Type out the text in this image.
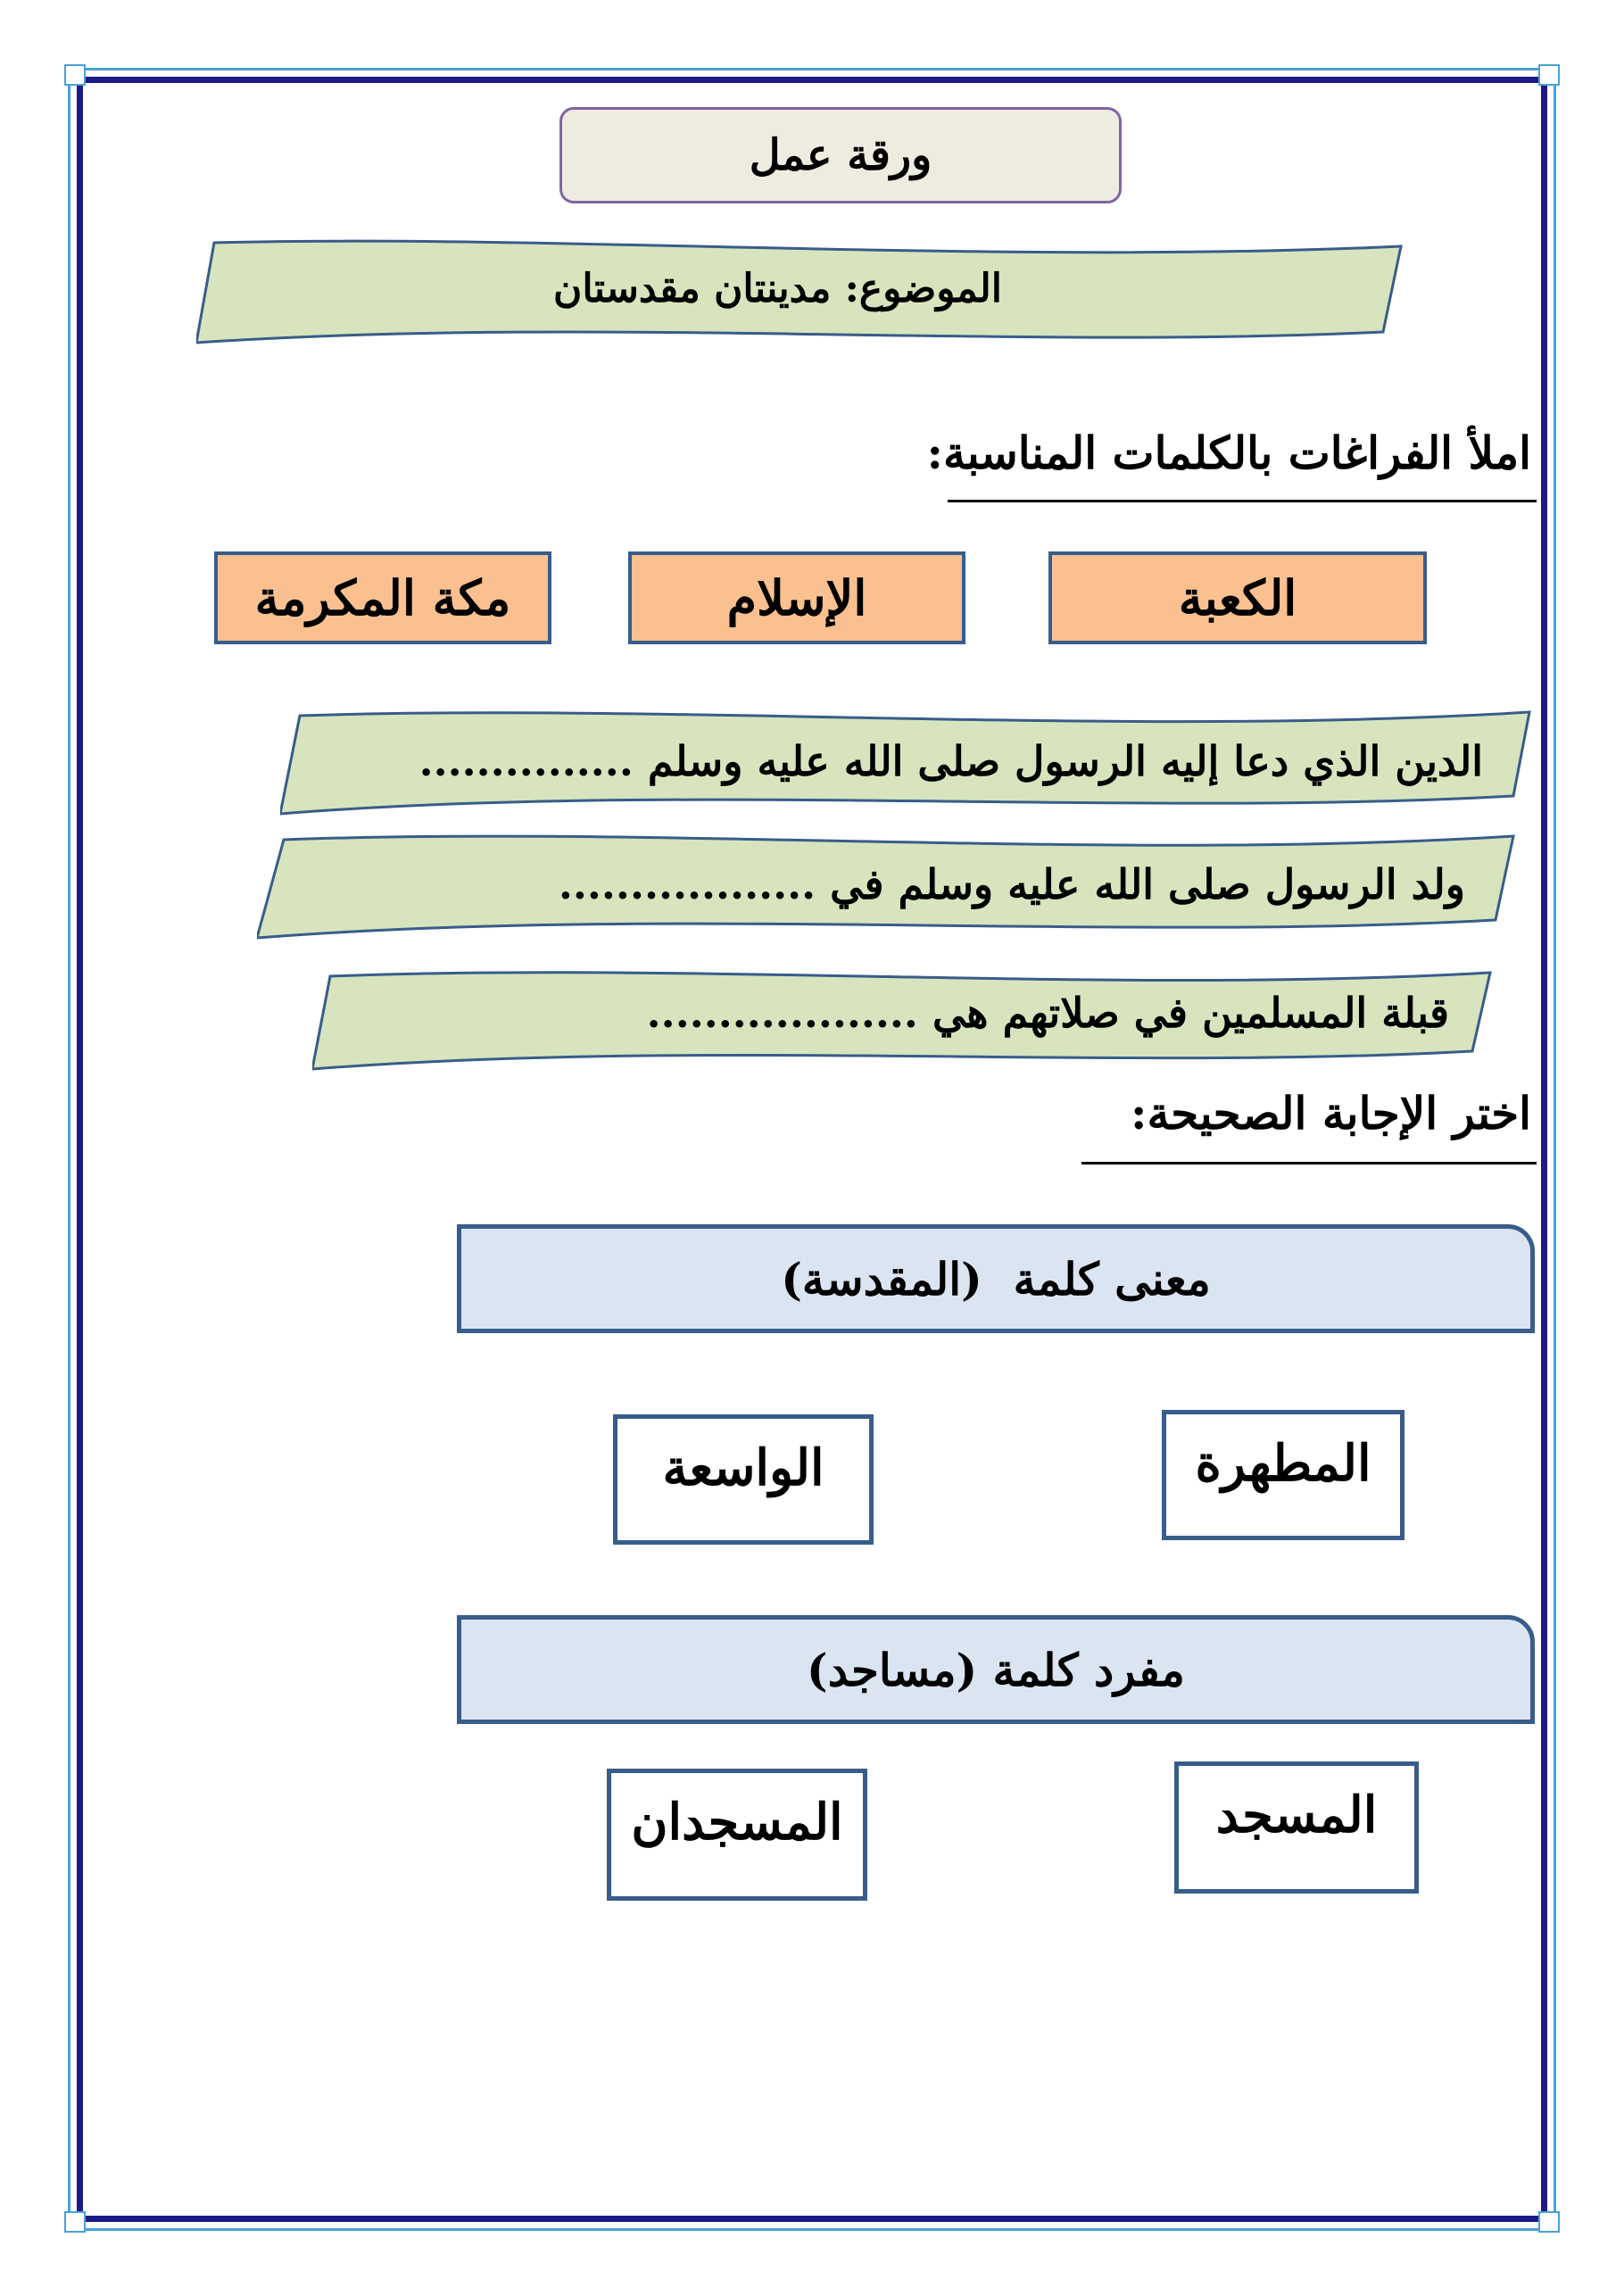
ورقة عمل
الموضوع: مدينتان مقدستان
املأ الفراغات بالكلمات المناسبة:
الكعبة
الإسلام
مكة المكرمة
الدين الذي دعا إليه الرسول صلى الله عليه وسلم ...............
ولد الرسول صلى الله عليه وسلم في ..................
قبلة المسلمين في صلاتهم هي ...................
اختر الإجابة الصحيحة:
معنى كلمة  (المقدسة)
المطهرة
الواسعة
مفرد كلمة (مساجد)
المسجد
المسجدان
